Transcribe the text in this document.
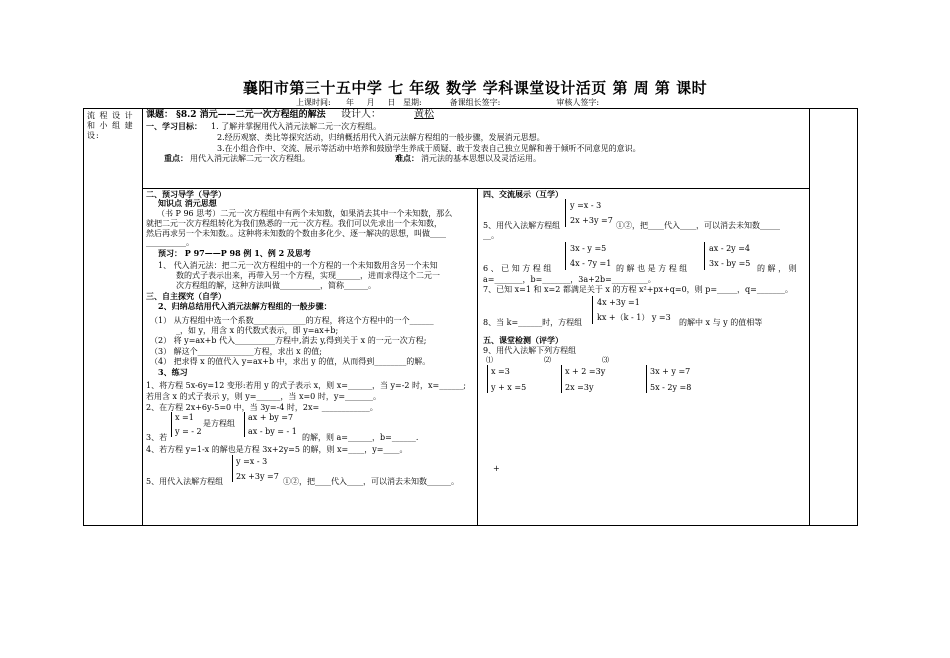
襄阳市第三十五中学 七 年级 数学 学科课堂设计活页 第 周 第 课时
上课时间:      年     月     日   星期:           备课组长签字:                      审核人签字:
流 程 设 计 和 小 组 建 设:
课题： §8.2 消元——二元一次方程组的解法 设计人：	黄松
一、学习目标： 1. 了解并掌握用代入消元法解二元一次方程组。
2.经历观察、类比等探究活动，归纳概括用代入消元法解方程组的一般步骤，发展消元思想。
3.在小组合作中、交流、展示等活动中培养和鼓励学生养成于质疑、敢于发表自己独立见解和善于倾听不同意见的意识。
重点： 用代入消元法解二元一次方程组。	难点： 消元法的基本思想以及灵活运用。
二、预习导学（导学）
知识点 消元思想
（书 P 96 思考）二元一次方程组中有两个未知数，如果消去其中一个未知数，那么
就把二元一次方程组转化为我们熟悉的一元一次方程。我们可以先求出一个未知数，
然后再求另一个未知数。。这种将未知数的个数由多化少、逐一解决的思想，叫做____
__________。
预习： P 97——P 98 例 1、例 2 及思考
1、 代入消元法：把二元一次方程组中的一个方程的一个未知数用含另一个未知
数的式子表示出来，再带入另一个方程，实现______，进而求得这个二元一
次方程组的解，这种方法叫做__________，简称______。
三、自主探究（自学）
2、归纳总结用代入消元法解方程组的一般步骤：
（1） 从方程组中选一个系数_____________的方程，将这个方程中的一个______
_，如 y，用含 x 的代数式表示，即 y=ax+b;
（2） 将 y=ax+b 代入__________方程中,消去 y,得到关于 x 的一元一次方程;
（3） 解这个______________方程，求出 x 的值;
（4） 把求得 x 的值代入 y=ax+b 中，求出 y 的值，从而得到________的解。
3、练习
1、将方程 5x-6y=12 变形:若用 y 的式子表示 x，则 x=______，当 y=-2 时，x=______;
若用含 x 的式子表示 y，则 y=______，当 x=0 时，y=_______。
2、在方程 2x+6y-5=0 中，当 3y=-4 时，2x= ____________。
3、若
x =1
y = - 2
是方程组
ax + by =7
ax - by = - 1
的解，则 a=______，b=______.
4、若方程 y=1-x 的解也是方程 3x+2y=5 的解，则 x=____，y=____。
5、用代入法解方程组
y =x - 3
2x +3y =7
①②，把____代入____，可以消去未知数______。
四、交流展示（互学）
5、用代入法解方程组
y =x - 3
2x +3y =7
①②，把____代入____，可以消去未知数_____
__。
6 、 已 知 方 程 组
3x - y =5
4x - 7y =1
的 解 也 是 方 程 组
ax - 2y =4
3x - by =5
的 解 ， 则
a=_______，b=_______，3a+2b=_________。
7、已知 x=1 和 x=2 都满足关于 x 的方程 x²+px+q=0，则 p=_____，q=_______。
8、当 k=______时，方程组
4x +3y =1
kx +（k - 1） y =3
的解中 x 与 y 的值相等
五、课堂检测（评学）
9、用代入法解下列方程组
⑴	⑵	⑶
x =3
y + x =5
x + 2 =3y
2x =3y
3x + y =7
5x - 2y =8
+
